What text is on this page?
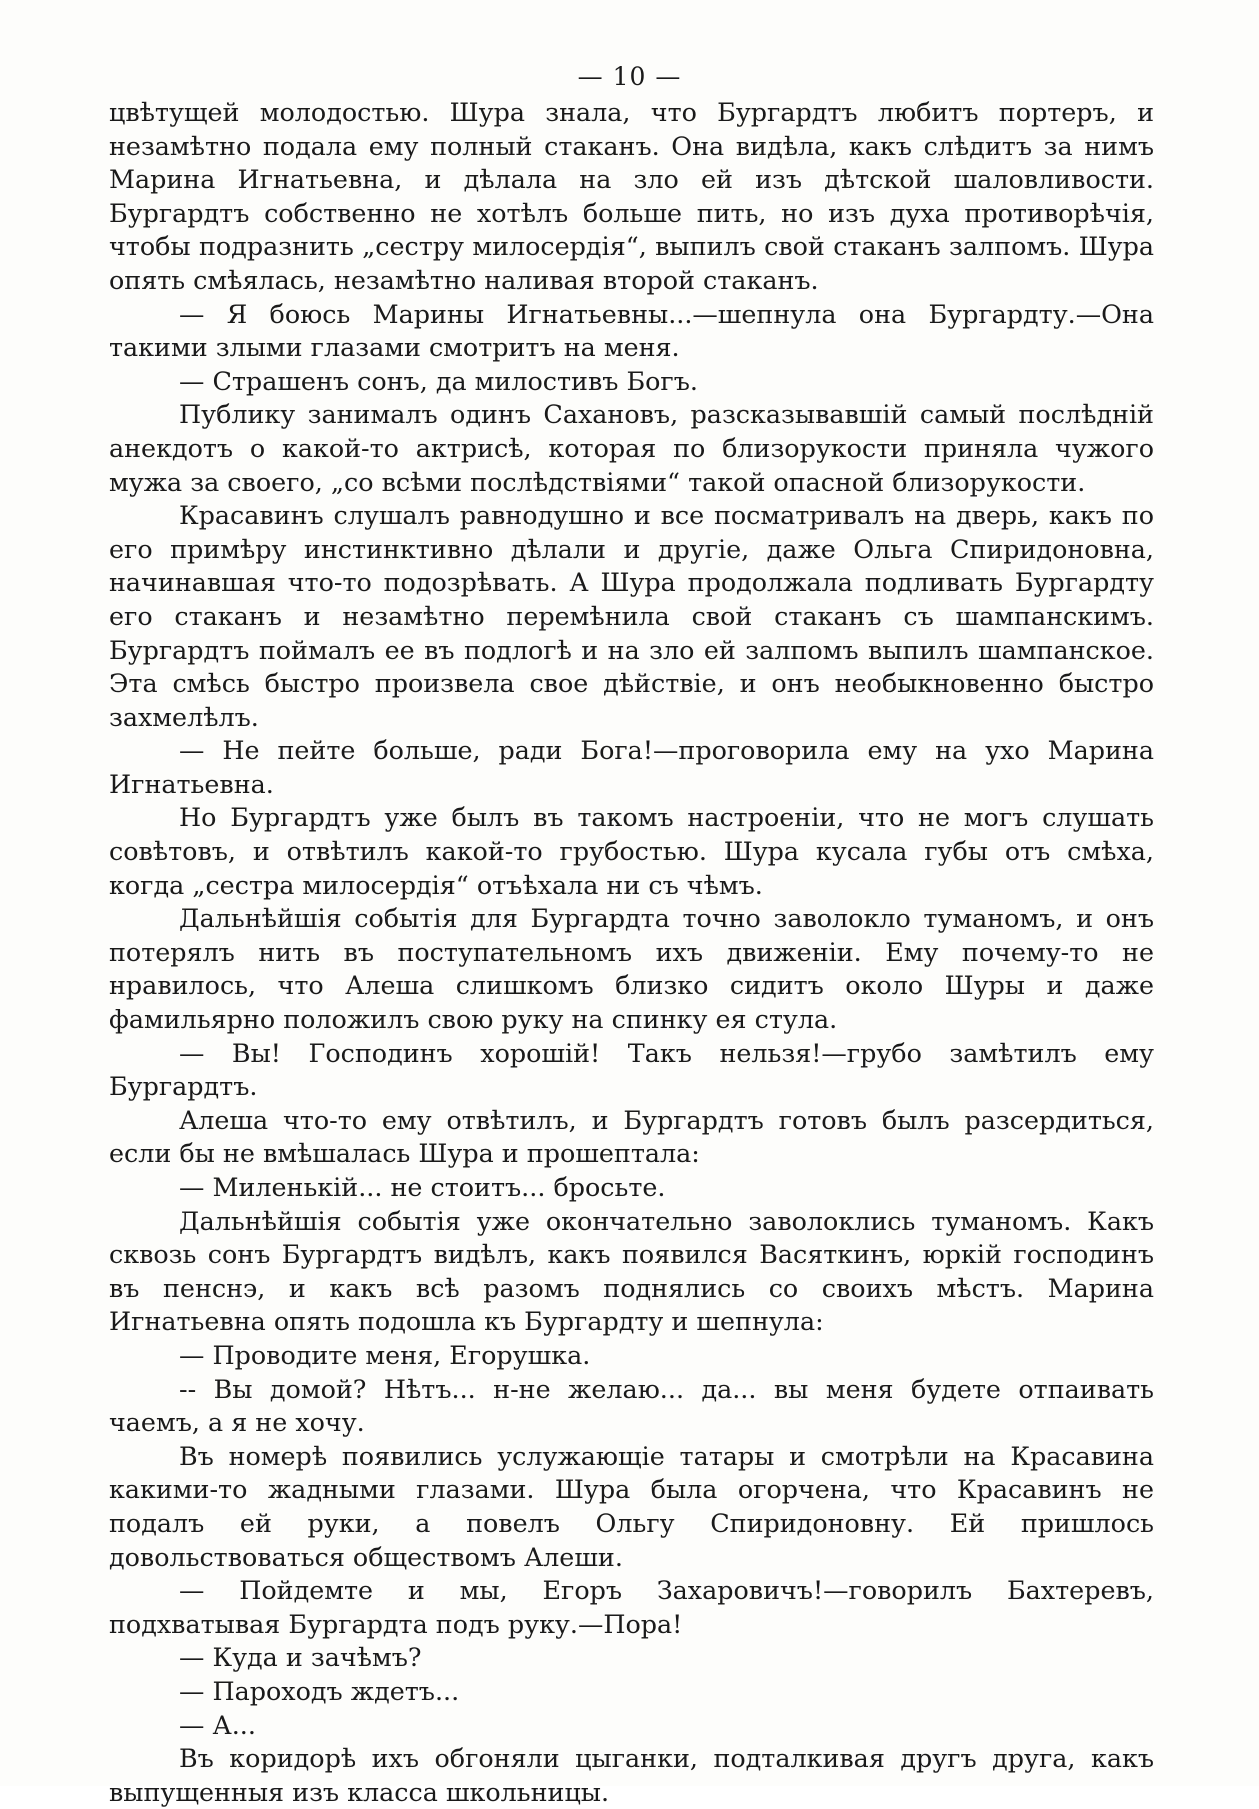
— 10 —

цвѣтущей молодостью. Шура знала, что Бургардтъ любитъ портеръ, и незамѣтно подала ему полный стаканъ. Она видѣла, какъ слѣдитъ за нимъ Марина Игнатьевна, и дѣлала на зло ей изъ дѣтской шаловливости. Бургардтъ собственно не хотѣлъ больше пить, но изъ духа противорѣчія, чтобы подразнить „сестру милосердія“, выпилъ свой стаканъ залпомъ. Шура опять смѣялась, незамѣтно наливая второй стаканъ.

— Я боюсь Марины Игнатьевны...—шепнула она Бургардту.—Она такими злыми глазами смотритъ на меня.

— Страшенъ сонъ, да милостивъ Богъ.

Публику занималъ одинъ Сахановъ, разсказывавшій самый послѣдній анекдотъ о какой-то актрисѣ, которая по близорукости приняла чужого мужа за своего, „со всѣми послѣдствіями“ такой опасной близорукости.

Красавинъ слушалъ равнодушно и все посматривалъ на дверь, какъ по его примѣру инстинктивно дѣлали и другіе, даже Ольга Спиридоновна, начинавшая что-то подозрѣвать. А Шура продолжала подливать Бургардту его стаканъ и незамѣтно перемѣнила свой стаканъ съ шампанскимъ. Бургардтъ поймалъ ее въ подлогѣ и на зло ей залпомъ выпилъ шампанское. Эта смѣсь быстро произвела свое дѣйствіе, и онъ необыкновенно быстро захмелѣлъ.

— Не пейте больше, ради Бога!—проговорила ему на ухо Марина Игнатьевна.

Но Бургардтъ уже былъ въ такомъ настроеніи, что не могъ слушать совѣтовъ, и отвѣтилъ какой-то грубостью. Шура кусала губы отъ смѣха, когда „сестра милосердія“ отъѣхала ни съ чѣмъ.

Дальнѣйшія событія для Бургардта точно заволокло туманомъ, и онъ потерялъ нить въ поступательномъ ихъ движеніи. Ему почему-то не нравилось, что Алеша слишкомъ близко сидитъ около Шуры и даже фамильярно положилъ свою руку на спинку ея стула.

— Вы! Господинъ хорошій! Такъ нельзя!—грубо замѣтилъ ему Бургардтъ.

Алеша что-то ему отвѣтилъ, и Бургардтъ готовъ былъ разсердиться, если бы не вмѣшалась Шура и прошептала:

— Миленькій... не стоитъ... бросьте.

Дальнѣйшія событія уже окончательно заволоклись туманомъ. Какъ сквозь сонъ Бургардтъ видѣлъ, какъ появился Васяткинъ, юркій господинъ въ пенснэ, и какъ всѣ разомъ поднялись со своихъ мѣстъ. Марина Игнатьевна опять подошла къ Бургардту и шепнула:

— Проводите меня, Егорушка.

-- Вы домой? Нѣтъ... н-не желаю... да... вы меня будете отпаивать чаемъ, а я не хочу.

Въ номерѣ появились услужающіе татары и смотрѣли на Красавина какими-то жадными глазами. Шура была огорчена, что Красавинъ не подалъ ей руки, а повелъ Ольгу Спиридоновну. Ей пришлось довольствоваться обществомъ Алеши.

— Пойдемте и мы, Егоръ Захаровичъ!—говорилъ Бахтеревъ, подхватывая Бургардта подъ руку.—Пора!

— Куда и зачѣмъ?

— Пароходъ ждетъ...

— А...

Въ коридорѣ ихъ обгоняли цыганки, подталкивая другъ друга, какъ выпущенныя изъ класса школьницы.
